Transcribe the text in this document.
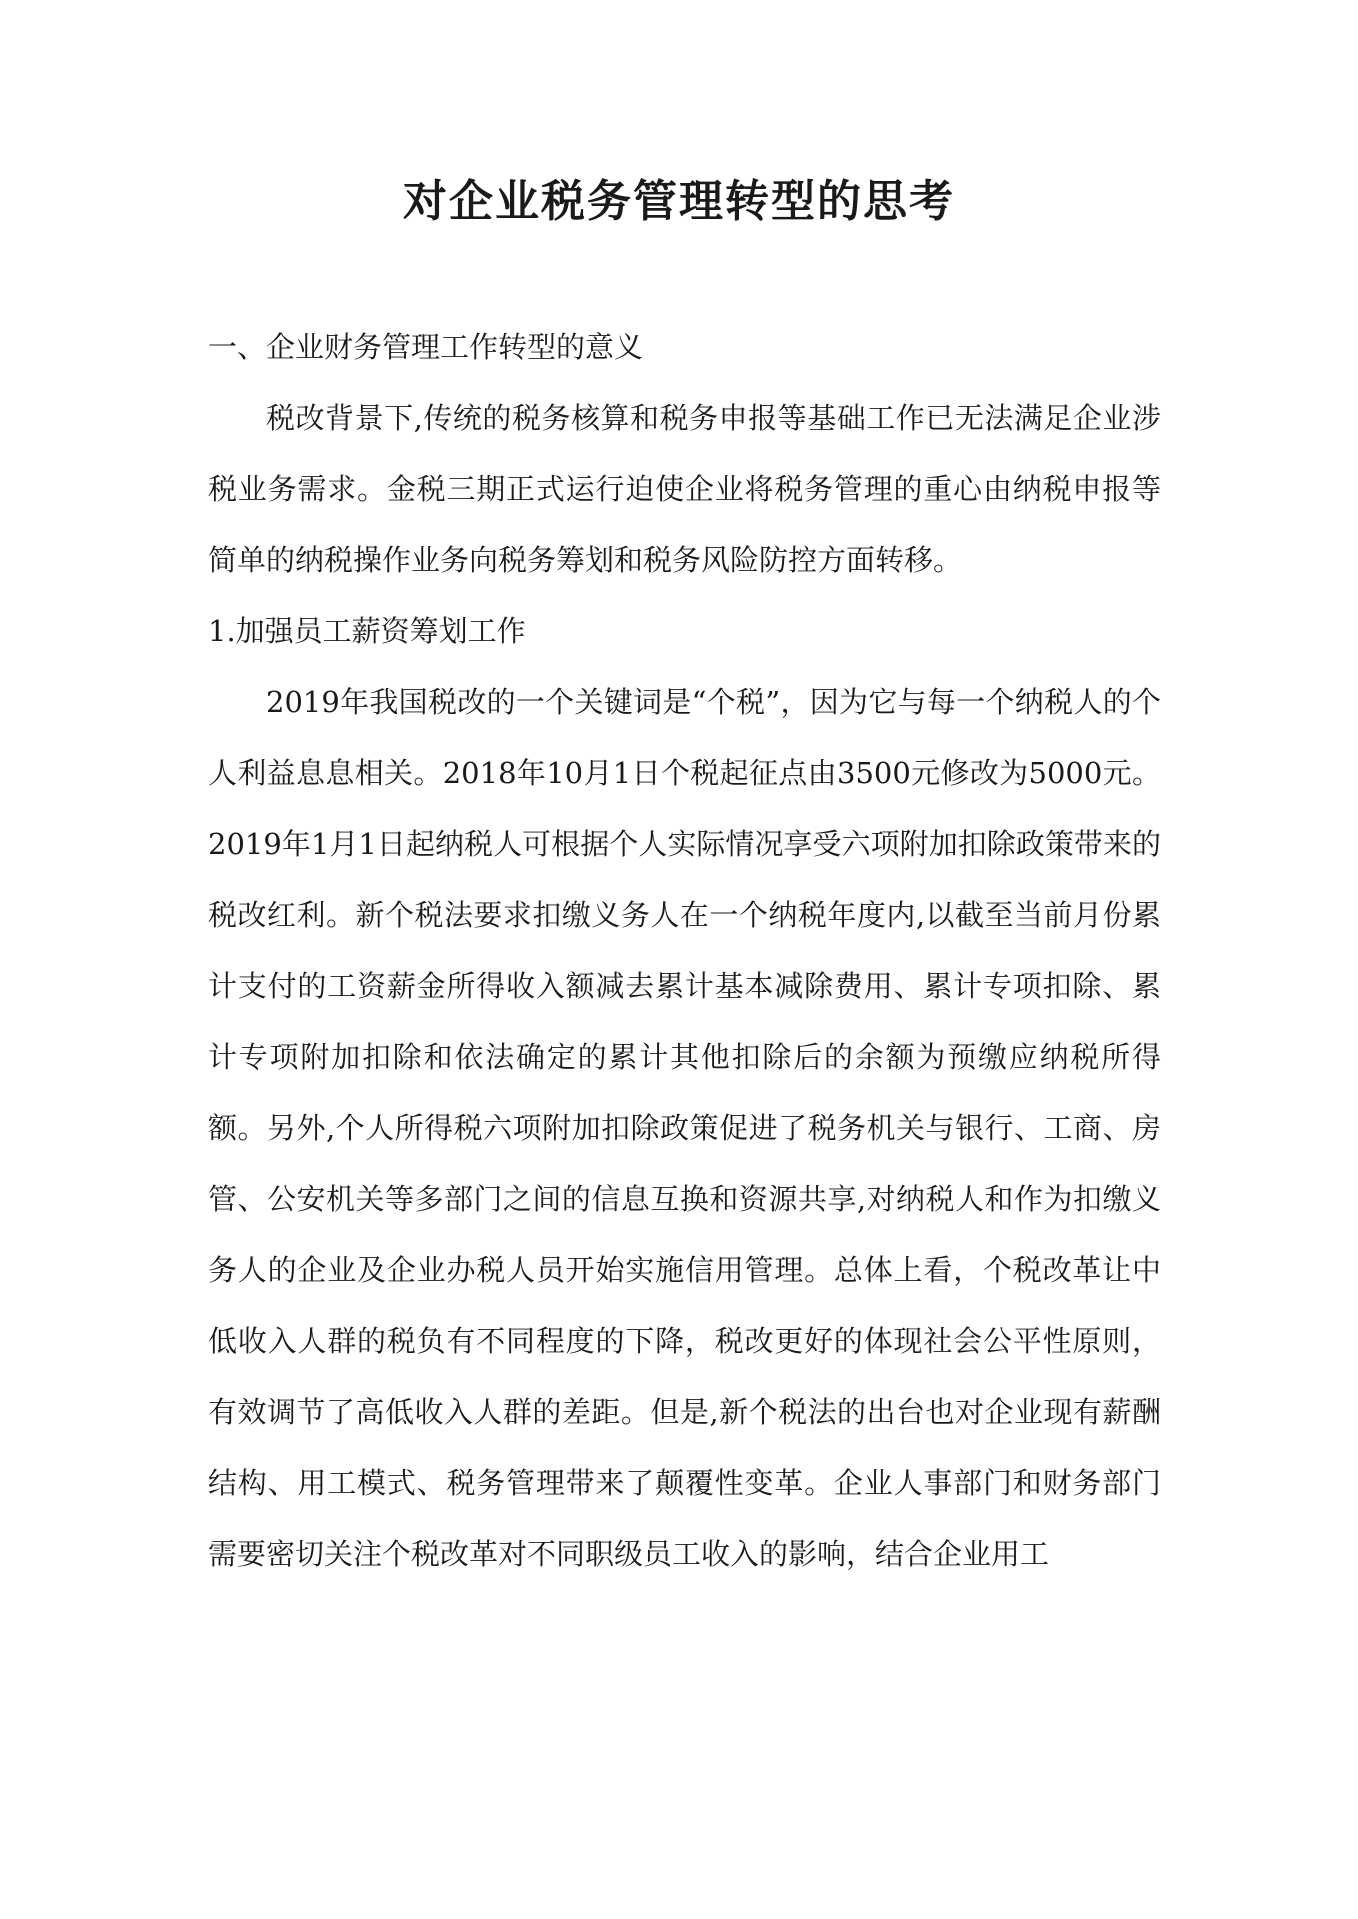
对企业税务管理转型的思考

一、企业财务管理工作转型的意义

税改背景下,传统的税务核算和税务申报等基础工作已无法满足企业涉税业务需求。金税三期正式运行迫使企业将税务管理的重心由纳税申报等简单的纳税操作业务向税务筹划和税务风险防控方面转移。

1.加强员工薪资筹划工作

2019年我国税改的一个关键词是“个税”，因为它与每一个纳税人的个人利益息息相关。2018年10月1日个税起征点由3500元修改为5000元。2019年1月1日起纳税人可根据个人实际情况享受六项附加扣除政策带来的税改红利。新个税法要求扣缴义务人在一个纳税年度内,以截至当前月份累计支付的工资薪金所得收入额减去累计基本减除费用、累计专项扣除、累计专项附加扣除和依法确定的累计其他扣除后的余额为预缴应纳税所得额。另外,个人所得税六项附加扣除政策促进了税务机关与银行、工商、房管、公安机关等多部门之间的信息互换和资源共享,对纳税人和作为扣缴义务人的企业及企业办税人员开始实施信用管理。总体上看，个税改革让中低收入人群的税负有不同程度的下降，税改更好的体现社会公平性原则，有效调节了高低收入人群的差距。但是,新个税法的出台也对企业现有薪酬结构、用工模式、税务管理带来了颠覆性变革。企业人事部门和财务部门需要密切关注个税改革对不同职级员工收入的影响，结合企业用工
